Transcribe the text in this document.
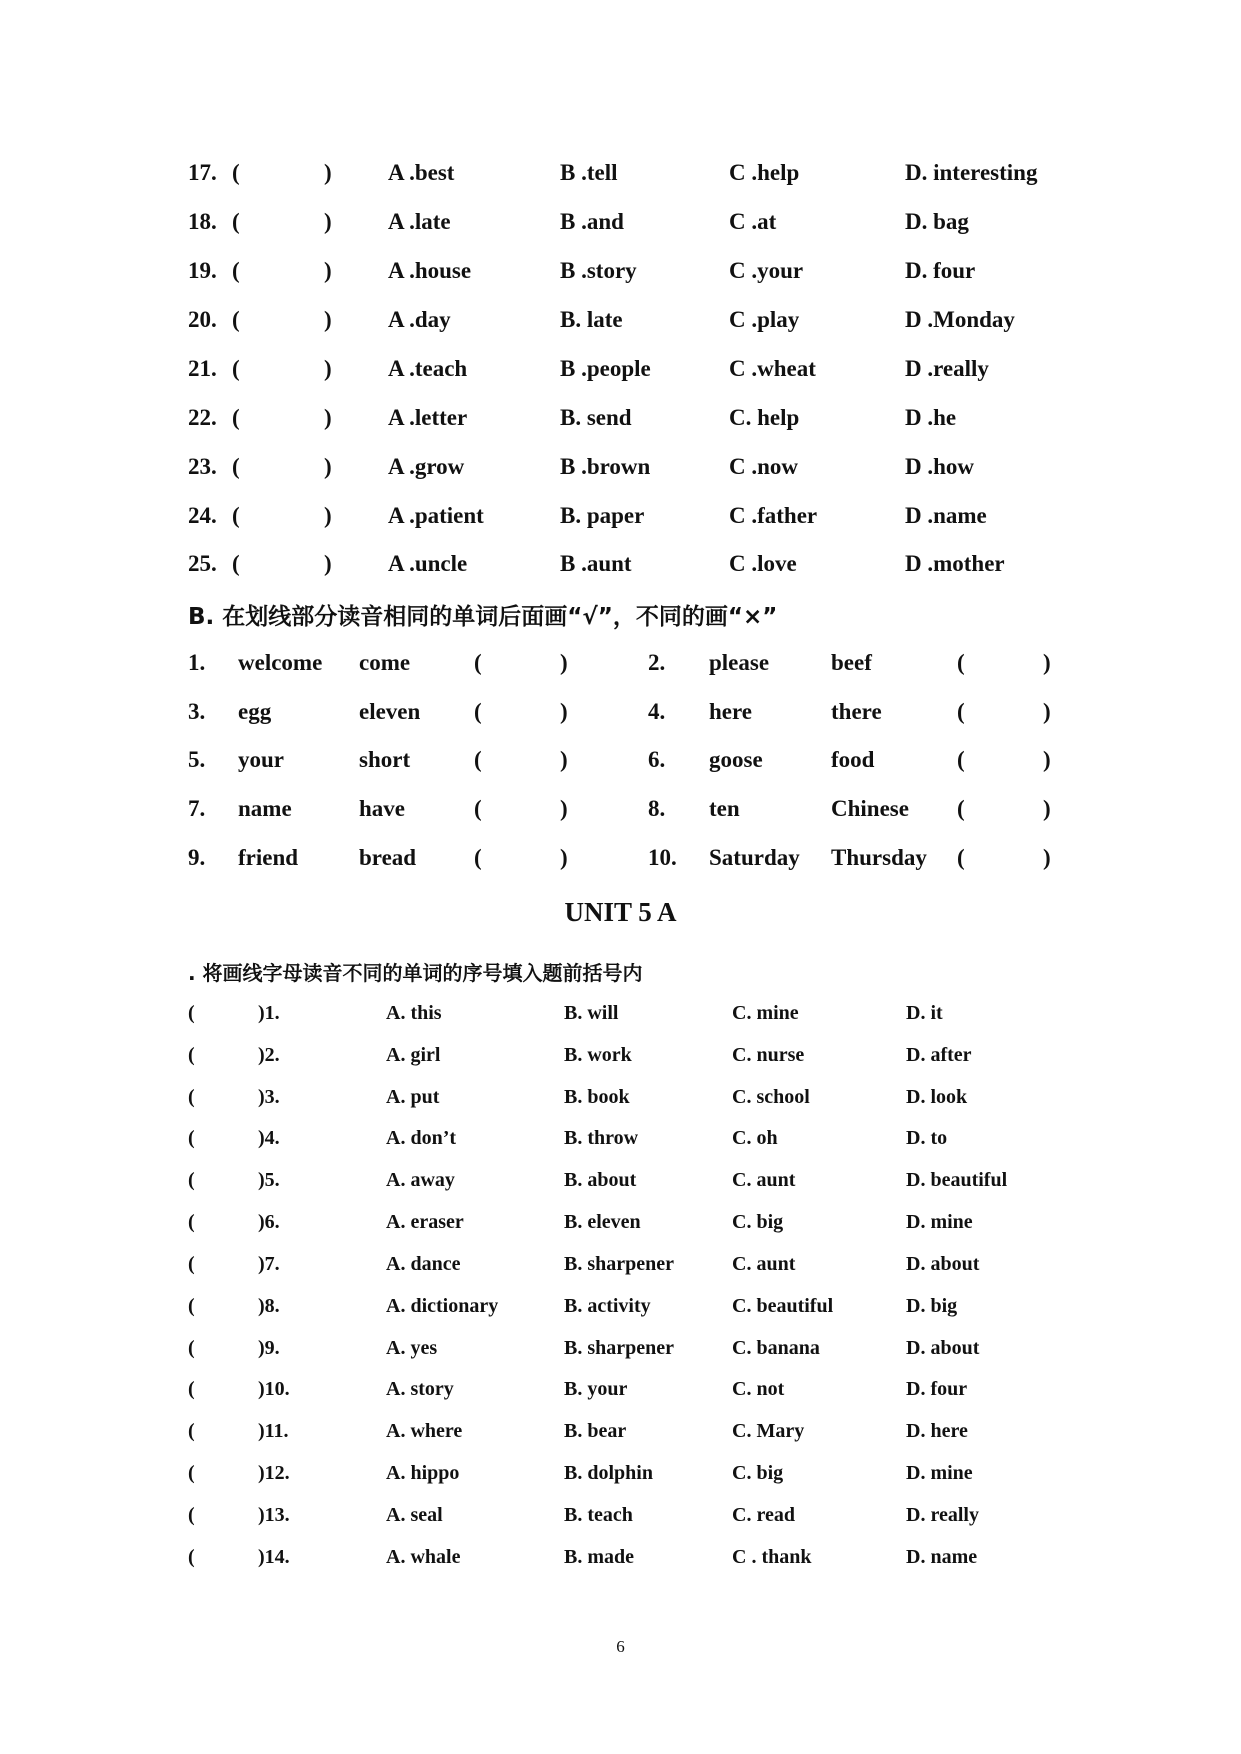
17. (	) A .best	B .tell	C .help	D. interesting
18. (	) A .late	B .and	C .at	D. bag
19. (	) A .house	B .story	C .your	D. four
20. (	) A .day	B. late	C .play	D .Monday
21. (	) A .teach	B .people	C .wheat	D .really
22. (	) A .letter	B. send	C. help	D .he
23. (	) A .grow	B .brown	C .now	D .how
24. (	) A .patient	B. paper	C .father	D .name
25. (	) A .uncle	B .aunt	C .love	D .mother
B. 在划线部分读音相同的单词后面画“√”，不同的画“×”
1. welcome come	(	)	2. please	beef	(	)
3. egg	eleven (	)	4. here	there	(	)
5. your	short	(	)	6. goose	food	(	)
7. name	have	(	)	8. ten	Chinese (	)
9. friend	bread	(	)	10. Saturday Thursday (	)
UNIT 5 A
. 将画线字母读音不同的单词的序号填入题前括号内
(	)1.	A. this	B. will	C. mine	D. it
(	)2.	A. girl	B. work	C. nurse	D. after
(	)3.	A. put	B. book	C. school	D. look
(	)4.	A. don’t	B. throw	C. oh	D. to
(	)5.	A. away	B. about	C. aunt	D. beautiful
(	)6.	A. eraser	B. eleven	C. big	D. mine
(	)7.	A. dance	B. sharpener	C. aunt	D. about
(	)8.	A. dictionary	B. activity	C. beautiful	D. big
(	)9.	A. yes	B. sharpener	C. banana	D. about
(	)10.	A. story	B. your	C. not	D. four
(	)11.	A. where	B. bear	C. Mary	D. here
(	)12.	A. hippo	B. dolphin	C. big	D. mine
(	)13.	A. seal	B. teach	C. read	D. really
(	)14.	A. whale	B. made	C . thank	D. name
6
